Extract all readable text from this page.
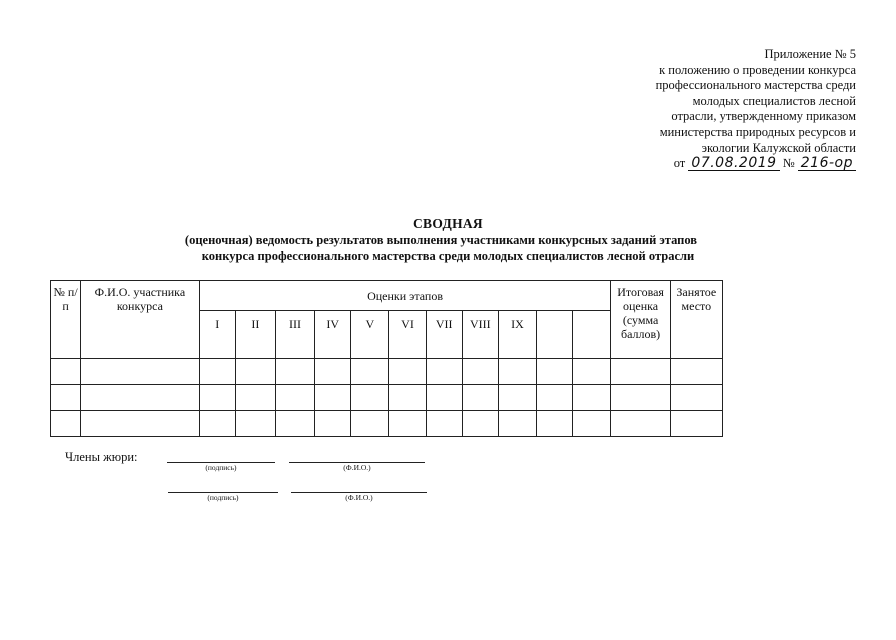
Приложение № 5
к положению о проведении конкурса
профессионального мастерства среди
молодых специалистов лесной
отрасли, утвержденному приказом
министерства природных ресурсов и
экологии Калужской области
от 07.08.2019 № 216-ор
СВОДНАЯ
(оценочная) ведомость результатов выполнения участниками конкурсных заданий этапов
конкурса профессионального мастерства среди молодых специалистов лесной отрасли
№ п/п	Ф.И.О. участника конкурса	Оценки этапов											Итоговая оценка (сумма баллов)	Занятое место
		I	II	III	IV	V	VI	VII	VIII	IX				

Члены жюри:
(подпись)	(Ф.И.О.)
(подпись)	(Ф.И.О.)
